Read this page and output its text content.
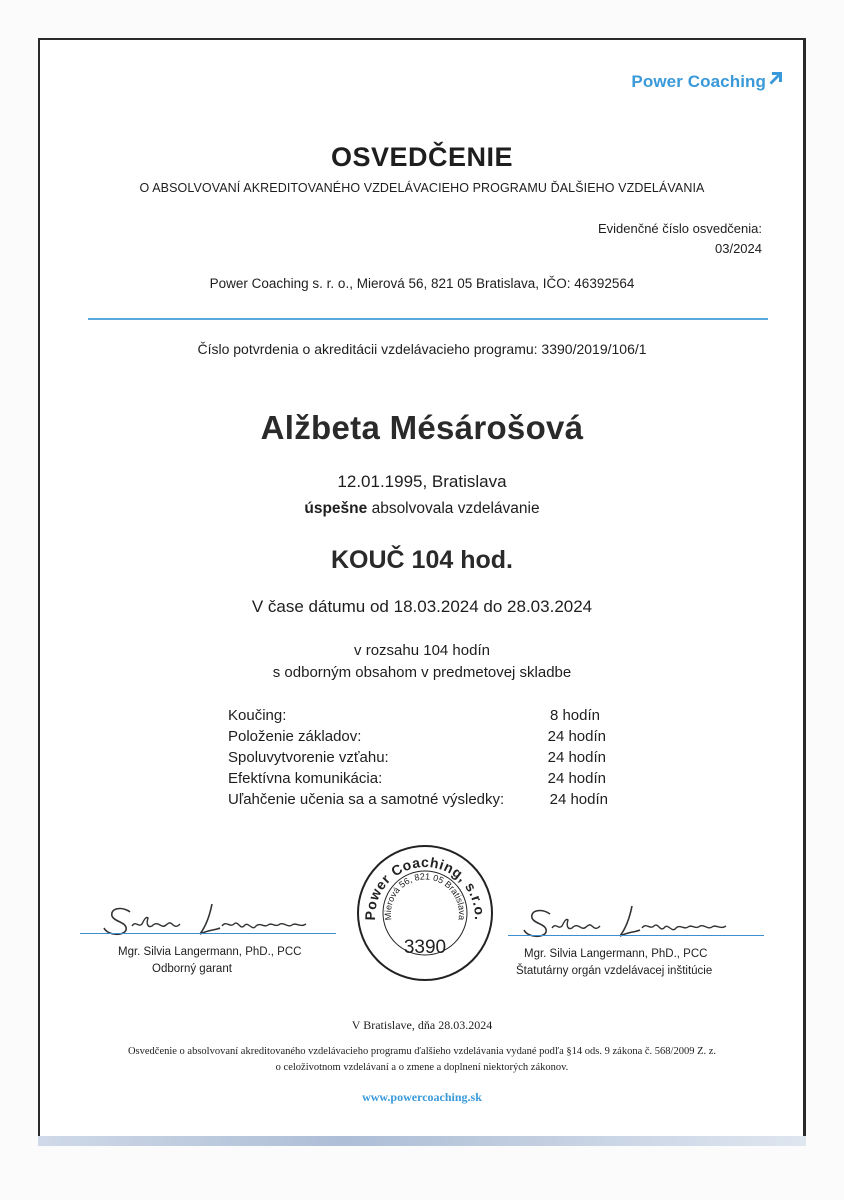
Power Coaching
OSVEDČENIE
O ABSOLVOVANÍ AKREDITOVANÉHO VZDELÁVACIEHO PROGRAMU ĎALŠIEHO VZDELÁVANIA
Evidenčné číslo osvedčenia:
03/2024
Power Coaching s. r. o., Mierová 56, 821 05 Bratislava, IČO: 46392564
Číslo potvrdenia o akreditácii vzdelávacieho programu: 3390/2019/106/1
Alžbeta Mésárošová
12.01.1995, Bratislava
úspešne absolvovala vzdelávanie
KOUČ 104 hod.
V čase dátumu od 18.03.2024 do 28.03.2024
v rozsahu 104 hodín
s odborným obsahom v predmetovej skladbe
Koučing:	8 hodín
Položenie základov:	24 hodín
Spoluvytvorenie vzťahu:	24 hodín
Efektívna komunikácia:	24 hodín
Uľahčenie učenia sa a samotné výsledky:	24 hodín
Mgr. Silvia Langermann, PhD., PCC
Odborný garant
Mgr. Silvia Langermann, PhD., PCC
Štatutárny orgán vzdelávacej inštitúcie
Power Coaching, s.r.o.
Mierová 56, 821 05 Bratislava
3390
V Bratislave, dňa 28.03.2024
Osvedčenie o absolvovaní akreditovaného vzdelávacieho programu ďalšieho vzdelávania vydané podľa §14 ods. 9 zákona č. 568/2009 Z. z.
o celoživotnom vzdelávaní a o zmene a doplnení niektorých zákonov.
www.powercoaching.sk
